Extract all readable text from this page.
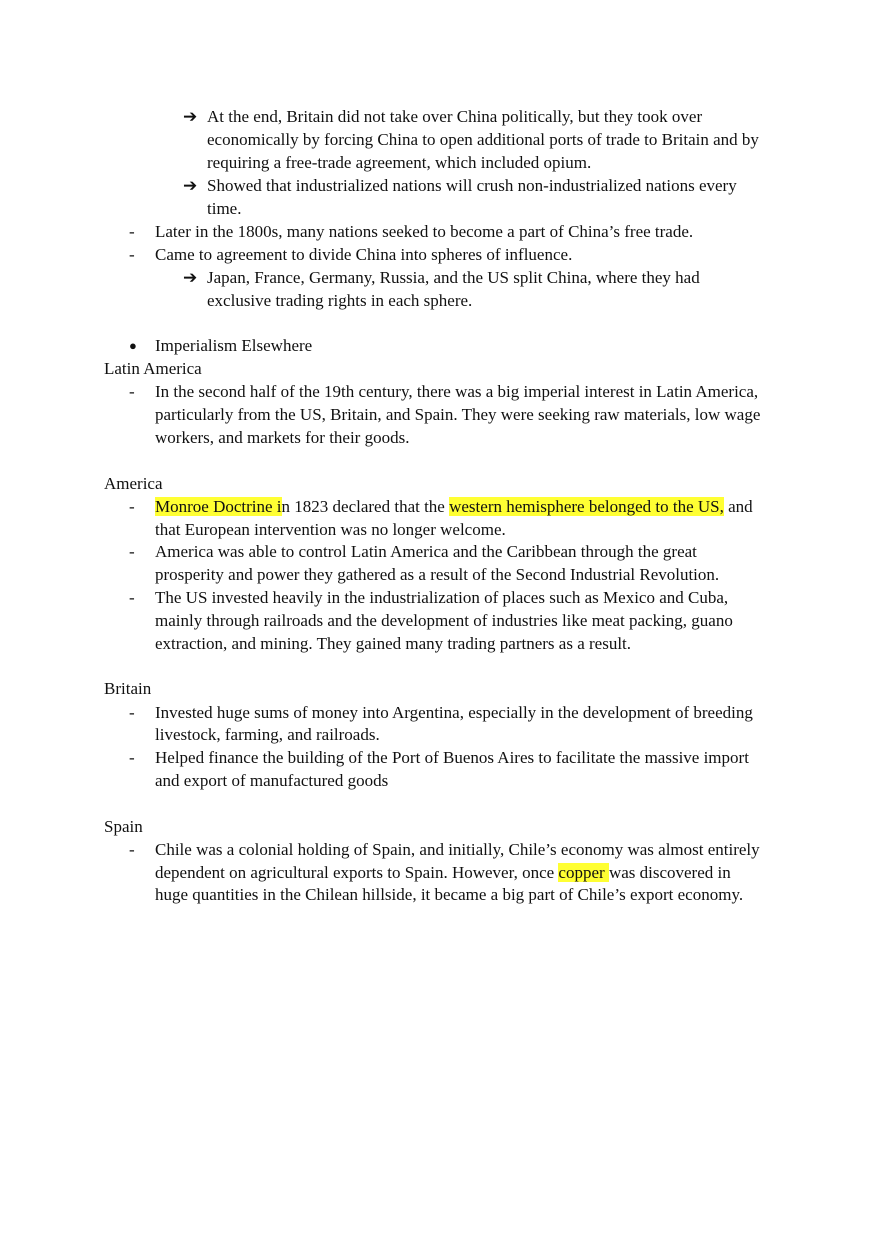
➔ At the end, Britain did not take over China politically, but they took over
economically by forcing China to open additional ports of trade to Britain and by
requiring a free-trade agreement, which included opium.
➔ Showed that industrialized nations will crush non-industrialized nations every
time.
- Later in the 1800s, many nations seeked to become a part of China’s free trade.
- Came to agreement to divide China into spheres of influence.
➔ Japan, France, Germany, Russia, and the US split China, where they had
exclusive trading rights in each sphere.
● Imperialism Elsewhere
Latin America
- In the second half of the 19th century, there was a big imperial interest in Latin America,
particularly from the US, Britain, and Spain. They were seeking raw materials, low wage
workers, and markets for their goods.
America
- Monroe Doctrine in 1823 declared that the western hemisphere belonged to the US, and
that European intervention was no longer welcome.
- America was able to control Latin America and the Caribbean through the great
prosperity and power they gathered as a result of the Second Industrial Revolution.
- The US invested heavily in the industrialization of places such as Mexico and Cuba,
mainly through railroads and the development of industries like meat packing, guano
extraction, and mining. They gained many trading partners as a result.
Britain
- Invested huge sums of money into Argentina, especially in the development of breeding
livestock, farming, and railroads.
- Helped finance the building of the Port of Buenos Aires to facilitate the massive import
and export of manufactured goods
Spain
- Chile was a colonial holding of Spain, and initially, Chile’s economy was almost entirely
dependent on agricultural exports to Spain. However, once copper was discovered in
huge quantities in the Chilean hillside, it became a big part of Chile’s export economy.
